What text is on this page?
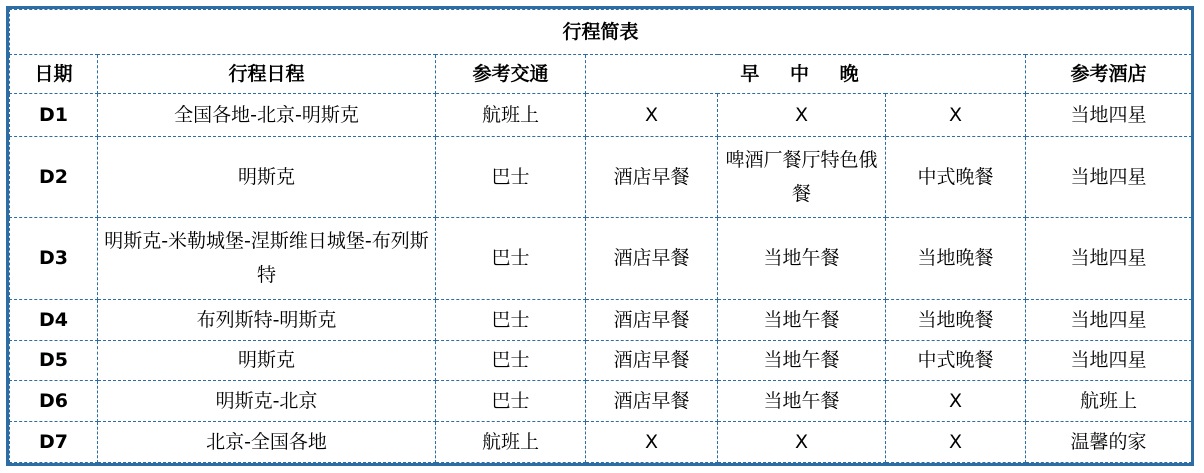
行程简表						
日期	行程日程	参考交通	早 中 晚			参考酒店
D1	全国各地-北京-明斯克	航班上	X	X	X	当地四星
D2	明斯克	巴士	酒店早餐	啤酒厂餐厅特色俄餐	中式晚餐	当地四星
D3	明斯克-米勒城堡-涅斯维日城堡-布列斯特	巴士	酒店早餐	当地午餐	当地晚餐	当地四星
D4	布列斯特-明斯克	巴士	酒店早餐	当地午餐	当地晚餐	当地四星
D5	明斯克	巴士	酒店早餐	当地午餐	中式晚餐	当地四星
D6	明斯克-北京	巴士	酒店早餐	当地午餐	X	航班上
D7	北京-全国各地	航班上	X	X	X	温馨的家
